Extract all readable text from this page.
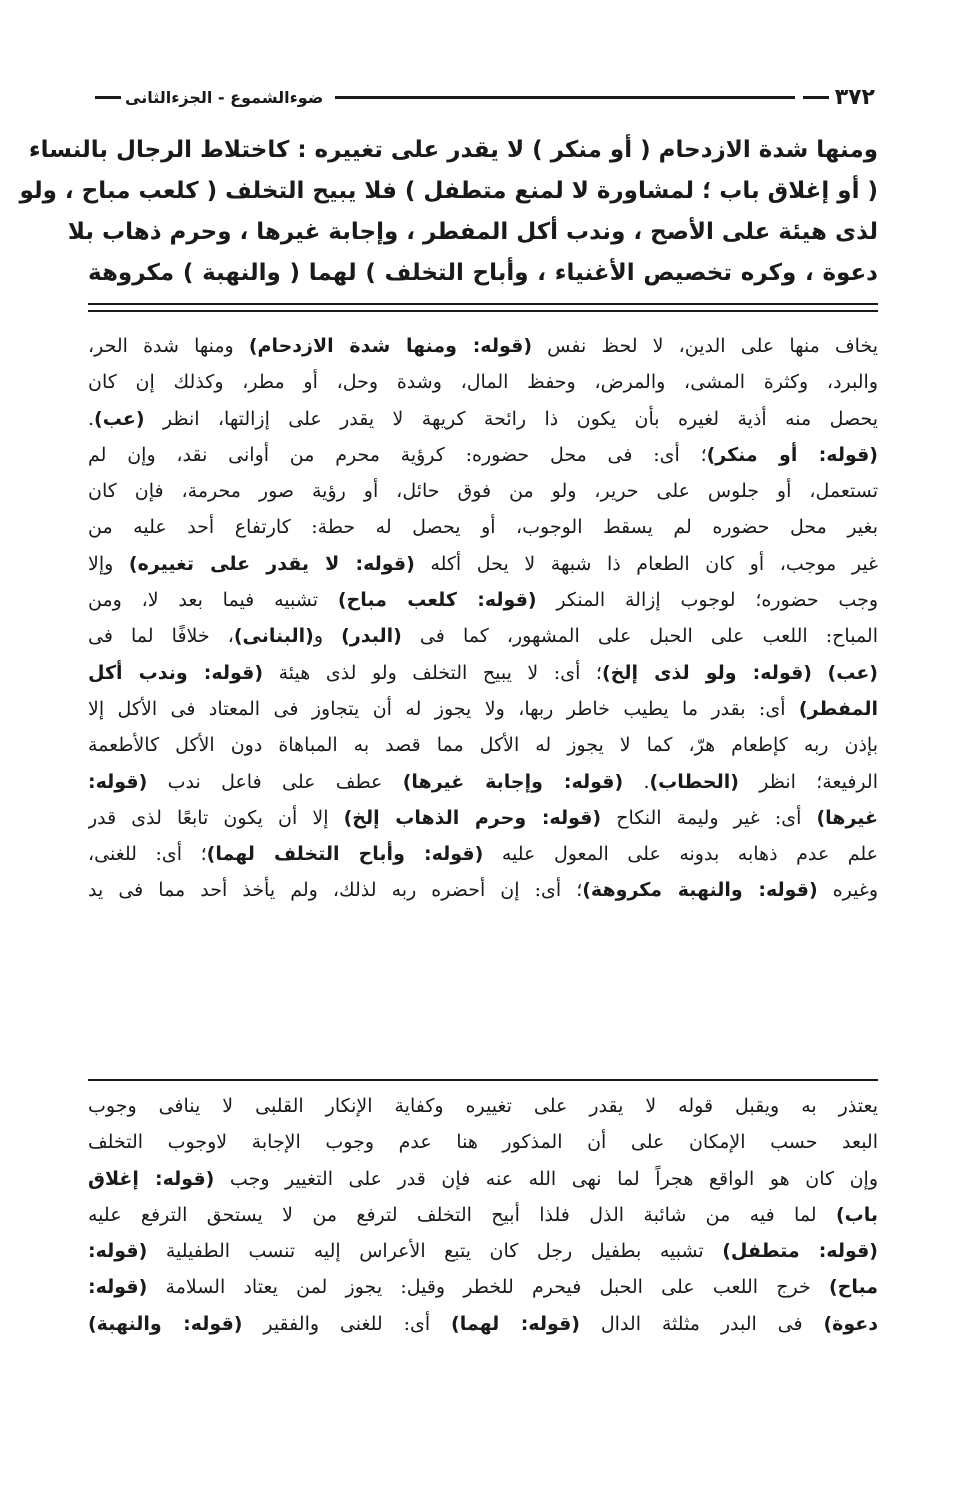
٣٧٢
ضوءالشموع - الجزءالثانى

ومنها شدة الازدحام ( أو منكر ) لا يقدر على تغييره : كاختلاط الرجال بالنساء

( أو إغلاق باب ؛ لمشاورة لا لمنع متطفل ) فلا يبيح التخلف ( كلعب مباح ، ولو

لذى هيئة على الأصح ، وندب أكل المفطر ، وإجابة غيرها ، وحرم ذهاب بلا

دعوة ، وكره تخصيص الأغنياء ، وأباح التخلف ) لهما ( والنهبة ) مكروهة

يخاف منها على الدين، لا لحظ نفس (قوله: ومنها شدة الازدحام) ومنها شدة الحر،

والبرد، وكثرة المشى، والمرض، وحفظ المال، وشدة وحل، أو مطر، وكذلك إن كان

يحصل منه أذية لغيره بأن يكون ذا رائحة كريهة لا يقدر على إزالتها، انظر (عب).

(قوله: أو منكر)؛ أى: فى محل حضوره: كرؤية محرم من أوانى نقد، وإن لم

تستعمل، أو جلوس على حرير، ولو من فوق حائل، أو رؤية صور محرمة، فإن كان

بغير محل حضوره لم يسقط الوجوب، أو يحصل له حطة: كارتفاع أحد عليه من

غير موجب، أو كان الطعام ذا شبهة لا يحل أكله (قوله: لا يقدر على تغييره) وإلا

وجب حضوره؛ لوجوب إزالة المنكر (قوله: كلعب مباح) تشبيه فيما بعد لا، ومن

المباح: اللعب على الحبل على المشهور، كما فى (البدر) و(البنانى)، خلافًا لما فى

(عب) (قوله: ولو لذى إلخ)؛ أى: لا يبيح التخلف ولو لذى هيئة (قوله: وندب أكل

المفطر) أى: بقدر ما يطيب خاطر ربها، ولا يجوز له أن يتجاوز فى المعتاد فى الأكل إلا

بإذن ربه كإطعام هرّ، كما لا يجوز له الأكل مما قصد به المباهاة دون الأكل كالأطعمة

الرفيعة؛ انظر (الحطاب). (قوله: وإجابة غيرها) عطف على فاعل ندب (قوله:

غيرها) أى: غير وليمة النكاح (قوله: وحرم الذهاب إلخ) إلا أن يكون تابعًا لذى قدر

علم عدم ذهابه بدونه على المعول عليه (قوله: وأباح التخلف لهما)؛ أى: للغنى،

وغيره (قوله: والنهبة مكروهة)؛ أى: إن أحضره ربه لذلك، ولم يأخذ أحد مما فى يد

يعتذر به ويقبل قوله لا يقدر على تغييره وكفاية الإنكار القلبى لا ينافى وجوب

البعد حسب الإمكان على أن المذكور هنا عدم وجوب الإجابة لاوجوب التخلف

وإن كان هو الواقع هجراً لما نهى الله عنه فإن قدر على التغيير وجب (قوله: إغلاق

باب) لما فيه من شائبة الذل فلذا أبيح التخلف لترفع من لا يستحق الترفع عليه

(قوله: متطفل) تشبيه بطفيل رجل كان يتبع الأعراس إليه تنسب الطفيلية (قوله:

مباح) خرج اللعب على الحبل فيحرم للخطر وقيل: يجوز لمن يعتاد السلامة (قوله:

دعوة) فى البدر مثلثة الدال (قوله: لهما) أى: للغنى والفقير (قوله: والنهبة)
